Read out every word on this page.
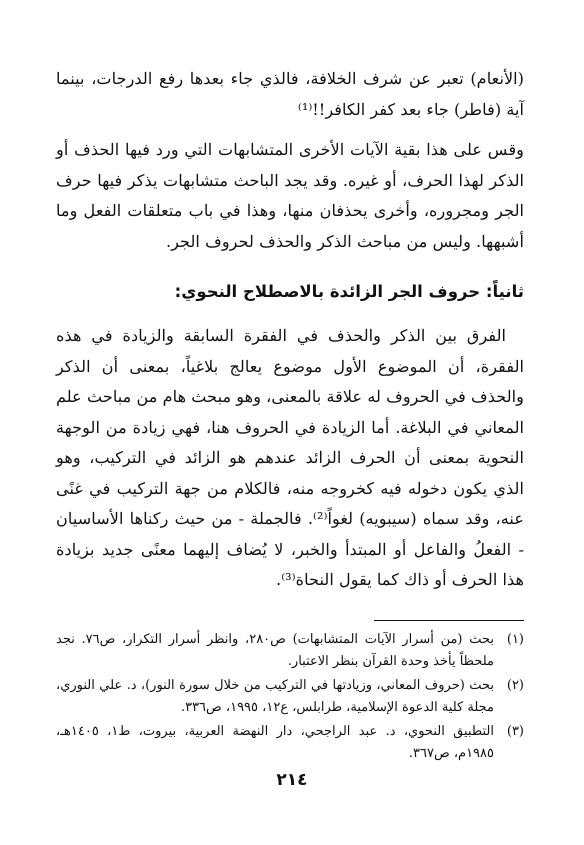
(الأنعام) تعبر عن شرف الخلافة، فالذي جاء بعدها رفع الدرجات، بينما آية (فاطر) جاء بعد كفر الكافر!!⁽¹⁾

وقس على هذا بقية الآيات الأخرى المتشابهات التي ورد فيها الحذف أو الذكر لهذا الحرف، أو غيره. وقد يجد الباحث متشابهات يذكر فيها حرف الجر ومجروره، وأخرى يحذفان منها، وهذا في باب متعلقات الفعل وما أشبهها. وليس من مباحث الذكر والحذف لحروف الجر.

ثانياً: حروف الجر الزائدة بالاصطلاح النحوي:

الفرق بين الذكر والحذف في الفقرة السابقة والزيادة في هذه الفقرة، أن الموضوع الأول موضوع يعالج بلاغياً، بمعنى أن الذكر والحذف في الحروف له علاقة بالمعنى، وهو مبحث هام من مباحث علم المعاني في البلاغة. أما الزيادة في الحروف هنا، فهي زيادة من الوجهة النحوية بمعنى أن الحرف الزائد عندهم هو الزائد في التركيب، وهو الذي يكون دخوله فيه كخروجه منه، فالكلام من جهة التركيب في غنًى عنه، وقد سماه (سيبويه) لغواً⁽²⁾. فالجملة - من حيث ركناها الأساسيان - الفعلُ والفاعل أو المبتدأ والخبر، لا يُضاف إليهما معنًى جديد بزيادة هذا الحرف أو ذاك كما يقول النحاة⁽³⁾.

(١)
بحث (من أسرار الآيات المتشابهات) ص٢٨٠، وانظر أسرار التكرار، ص٧٦. نجد ملحظاً يأخذ وحدة القرآن بنظر الاعتبار.
(٢)
بحث (حروف المعاني، وزيادتها في التركيب من خلال سورة النور)، د. علي النوري، مجلة كلية الدعوة الإسلامية، طرابلس، ع١٢، ١٩٩٥، ص٣٣٦.
(٣)
التطبيق النحوي، د. عبد الراجحي، دار النهضة العربية، بيروت، ط١، ١٤٠٥هـ، ١٩٨٥م، ص٣٦٧.
٢١٤
